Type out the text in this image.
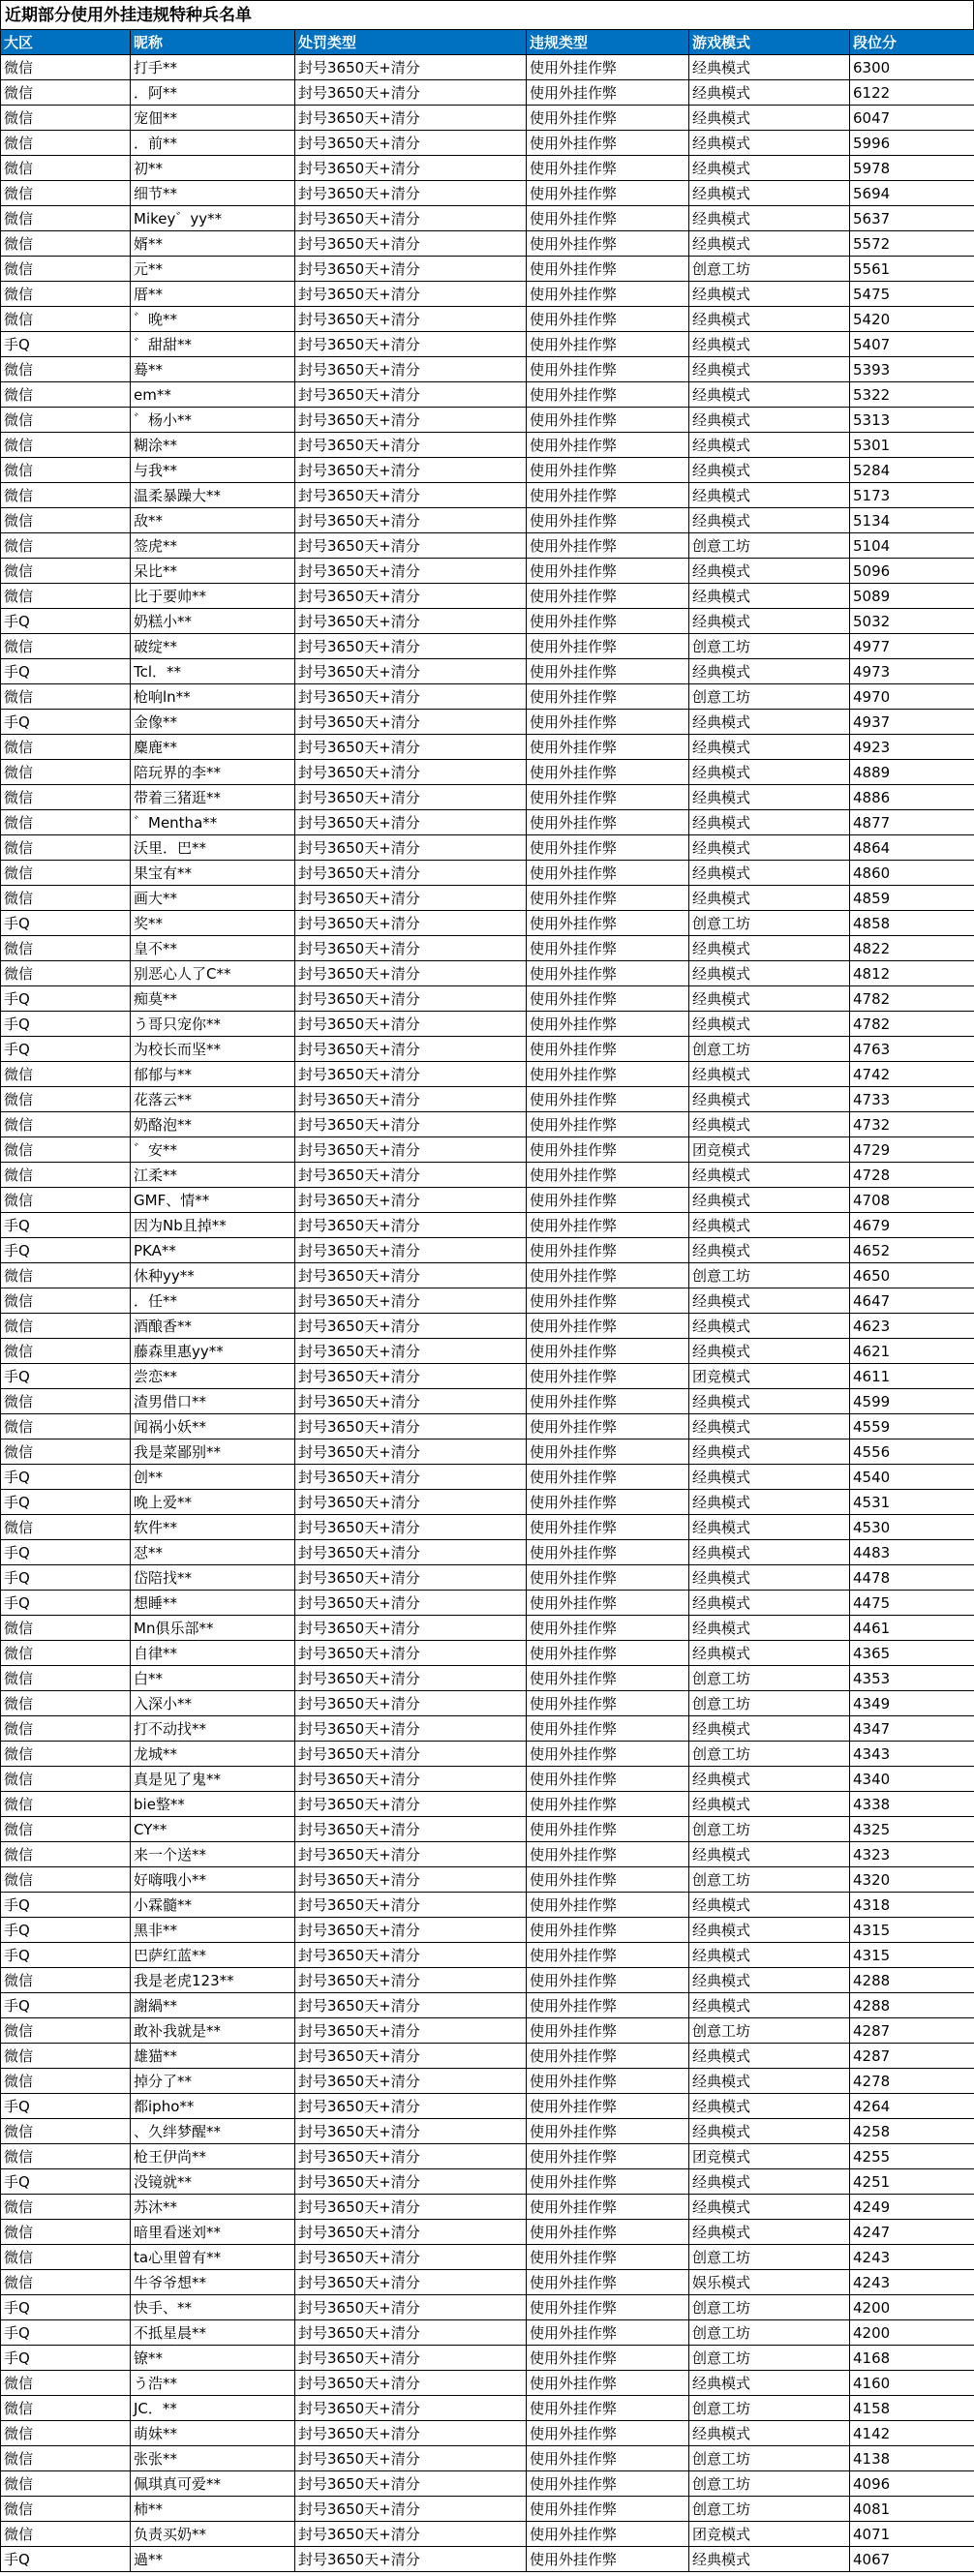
近期部分使用外挂违规特种兵名单
大区	昵称	处罚类型	违规类型	游戏模式	段位分
微信	打手**	封号3650天+清分	使用外挂作弊	经典模式	6300
微信	．阿**	封号3650天+清分	使用外挂作弊	经典模式	6122
微信	宠佃**	封号3650天+清分	使用外挂作弊	经典模式	6047
微信	．前**	封号3650天+清分	使用外挂作弊	经典模式	5996
微信	初**	封号3650天+清分	使用外挂作弊	经典模式	5978
微信	细节**	封号3650天+清分	使用外挂作弊	经典模式	5694
微信	Mikey゛yy**	封号3650天+清分	使用外挂作弊	经典模式	5637
微信	婿**	封号3650天+清分	使用外挂作弊	经典模式	5572
微信	元**	封号3650天+清分	使用外挂作弊	创意工坊	5561
微信	厝**	封号3650天+清分	使用外挂作弊	经典模式	5475
微信	゛晚**	封号3650天+清分	使用外挂作弊	经典模式	5420
手Q	゛甜甜**	封号3650天+清分	使用外挂作弊	经典模式	5407
微信	蓦**	封号3650天+清分	使用外挂作弊	经典模式	5393
微信	em**	封号3650天+清分	使用外挂作弊	经典模式	5322
微信	゛杨小**	封号3650天+清分	使用外挂作弊	经典模式	5313
微信	糊涂**	封号3650天+清分	使用外挂作弊	经典模式	5301
微信	与我**	封号3650天+清分	使用外挂作弊	经典模式	5284
微信	温柔暴躁大**	封号3650天+清分	使用外挂作弊	经典模式	5173
微信	敌**	封号3650天+清分	使用外挂作弊	经典模式	5134
微信	签虎**	封号3650天+清分	使用外挂作弊	创意工坊	5104
微信	呆比**	封号3650天+清分	使用外挂作弊	经典模式	5096
微信	比于要帅**	封号3650天+清分	使用外挂作弊	经典模式	5089
手Q	奶糕小**	封号3650天+清分	使用外挂作弊	经典模式	5032
微信	破绽**	封号3650天+清分	使用外挂作弊	创意工坊	4977
手Q	Tcl．**	封号3650天+清分	使用外挂作弊	经典模式	4973
微信	枪响ln**	封号3650天+清分	使用外挂作弊	创意工坊	4970
手Q	金像**	封号3650天+清分	使用外挂作弊	经典模式	4937
微信	麋鹿**	封号3650天+清分	使用外挂作弊	经典模式	4923
微信	陪玩界的李**	封号3650天+清分	使用外挂作弊	经典模式	4889
微信	带着三猪逛**	封号3650天+清分	使用外挂作弊	经典模式	4886
微信	゛Mentha**	封号3650天+清分	使用外挂作弊	经典模式	4877
微信	沃里．巴**	封号3650天+清分	使用外挂作弊	经典模式	4864
微信	果宝有**	封号3650天+清分	使用外挂作弊	经典模式	4860
微信	画大**	封号3650天+清分	使用外挂作弊	经典模式	4859
手Q	奖**	封号3650天+清分	使用外挂作弊	创意工坊	4858
微信	皇不**	封号3650天+清分	使用外挂作弊	经典模式	4822
微信	别恶心人了C**	封号3650天+清分	使用外挂作弊	经典模式	4812
手Q	痴莫**	封号3650天+清分	使用外挂作弊	经典模式	4782
手Q	う哥只宠你**	封号3650天+清分	使用外挂作弊	经典模式	4782
手Q	为校长而坚**	封号3650天+清分	使用外挂作弊	创意工坊	4763
微信	郁郁与**	封号3650天+清分	使用外挂作弊	经典模式	4742
微信	花落云**	封号3650天+清分	使用外挂作弊	经典模式	4733
微信	奶酪泡**	封号3650天+清分	使用外挂作弊	经典模式	4732
微信	゛安**	封号3650天+清分	使用外挂作弊	团竞模式	4729
微信	江柔**	封号3650天+清分	使用外挂作弊	经典模式	4728
微信	GMF、情**	封号3650天+清分	使用外挂作弊	经典模式	4708
手Q	因为Nb且掉**	封号3650天+清分	使用外挂作弊	经典模式	4679
手Q	PKA**	封号3650天+清分	使用外挂作弊	经典模式	4652
微信	休种yy**	封号3650天+清分	使用外挂作弊	创意工坊	4650
微信	．任**	封号3650天+清分	使用外挂作弊	经典模式	4647
微信	酒酿香**	封号3650天+清分	使用外挂作弊	经典模式	4623
微信	藤森里惠yy**	封号3650天+清分	使用外挂作弊	经典模式	4621
手Q	尝恋**	封号3650天+清分	使用外挂作弊	团竞模式	4611
微信	渣男借口**	封号3650天+清分	使用外挂作弊	经典模式	4599
微信	闻祸小妖**	封号3650天+清分	使用外挂作弊	经典模式	4559
微信	我是菜鄙别**	封号3650天+清分	使用外挂作弊	经典模式	4556
手Q	创**	封号3650天+清分	使用外挂作弊	经典模式	4540
手Q	晚上爱**	封号3650天+清分	使用外挂作弊	经典模式	4531
微信	软件**	封号3650天+清分	使用外挂作弊	经典模式	4530
手Q	怼**	封号3650天+清分	使用外挂作弊	经典模式	4483
手Q	岱陪找**	封号3650天+清分	使用外挂作弊	经典模式	4478
手Q	想睡**	封号3650天+清分	使用外挂作弊	经典模式	4475
微信	Mn俱乐部**	封号3650天+清分	使用外挂作弊	经典模式	4461
微信	自律**	封号3650天+清分	使用外挂作弊	经典模式	4365
微信	白**	封号3650天+清分	使用外挂作弊	创意工坊	4353
微信	入深小**	封号3650天+清分	使用外挂作弊	创意工坊	4349
微信	打不动找**	封号3650天+清分	使用外挂作弊	经典模式	4347
微信	龙城**	封号3650天+清分	使用外挂作弊	创意工坊	4343
微信	真是见了鬼**	封号3650天+清分	使用外挂作弊	经典模式	4340
微信	bie整**	封号3650天+清分	使用外挂作弊	经典模式	4338
微信	CY**	封号3650天+清分	使用外挂作弊	创意工坊	4325
微信	来一个送**	封号3650天+清分	使用外挂作弊	经典模式	4323
微信	好嗨哦小**	封号3650天+清分	使用外挂作弊	创意工坊	4320
手Q	小霖髓**	封号3650天+清分	使用外挂作弊	经典模式	4318
手Q	黑非**	封号3650天+清分	使用外挂作弊	经典模式	4315
手Q	巴萨红蓝**	封号3650天+清分	使用外挂作弊	经典模式	4315
微信	我是老虎123**	封号3650天+清分	使用外挂作弊	经典模式	4288
手Q	謝緺**	封号3650天+清分	使用外挂作弊	经典模式	4288
微信	敢补我就是**	封号3650天+清分	使用外挂作弊	创意工坊	4287
微信	雄猫**	封号3650天+清分	使用外挂作弊	经典模式	4287
微信	掉分了**	封号3650天+清分	使用外挂作弊	经典模式	4278
手Q	都ipho**	封号3650天+清分	使用外挂作弊	经典模式	4264
微信	、久绊梦醒**	封号3650天+清分	使用外挂作弊	经典模式	4258
微信	枪王伊尚**	封号3650天+清分	使用外挂作弊	团竞模式	4255
手Q	没镜就**	封号3650天+清分	使用外挂作弊	经典模式	4251
微信	苏沐**	封号3650天+清分	使用外挂作弊	经典模式	4249
微信	暗里看迷刘**	封号3650天+清分	使用外挂作弊	经典模式	4247
微信	ta心里曾有**	封号3650天+清分	使用外挂作弊	创意工坊	4243
微信	牛爷爷想**	封号3650天+清分	使用外挂作弊	娱乐模式	4243
手Q	快手、**	封号3650天+清分	使用外挂作弊	创意工坊	4200
手Q	不抵星晨**	封号3650天+清分	使用外挂作弊	创意工坊	4200
手Q	镣**	封号3650天+清分	使用外挂作弊	创意工坊	4168
微信	う浩**	封号3650天+清分	使用外挂作弊	经典模式	4160
微信	JC．**	封号3650天+清分	使用外挂作弊	创意工坊	4158
微信	萌妹**	封号3650天+清分	使用外挂作弊	经典模式	4142
微信	张张**	封号3650天+清分	使用外挂作弊	创意工坊	4138
微信	佩琪真可爱**	封号3650天+清分	使用外挂作弊	创意工坊	4096
微信	柿**	封号3650天+清分	使用外挂作弊	创意工坊	4081
微信	负责买奶**	封号3650天+清分	使用外挂作弊	团竞模式	4071
手Q	過**	封号3650天+清分	使用外挂作弊	经典模式	4067
